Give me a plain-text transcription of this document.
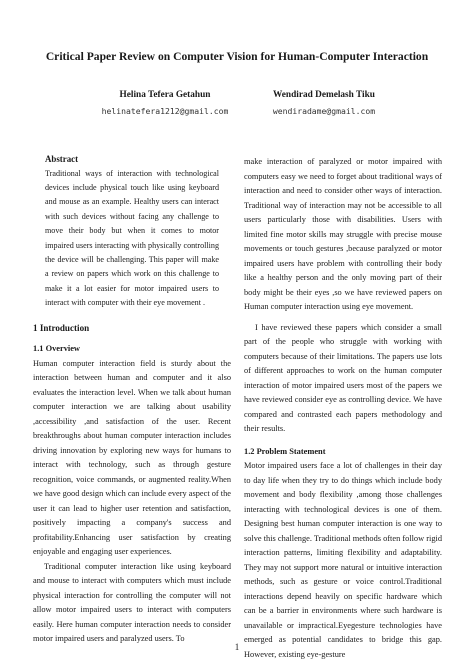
Critical Paper Review on Computer Vision for Human-Computer Interaction
Helina Tefera Getahun
helinatefera1212@gmail.com
Wendirad Demelash Tiku
wendiradame@gmail.com

Abstract

Traditional ways of interaction with technological devices include physical touch like using keyboard and mouse as an example. Healthy users can interact with such devices without facing any challenge to move their body but when it comes to motor impaired users interacting with physically controlling the device will be challenging. This paper will make a review on papers which work on this challenge to make it a lot easier for motor impaired users to interact with computer with their eye movement .

1 Introduction

1.1 Overview

Human computer interaction field is sturdy about the interaction between human and computer and it also evaluates the interaction level. When we talk about human computer interaction we are talking about usability ,accessibility ,and satisfaction of the user. Recent breakthroughs about human computer interaction includes driving innovation by exploring new ways for humans to interact with technology, such as through gesture recognition, voice commands, or augmented reality.When we have good design which can include every aspect of the user it can lead to higher user retention and satisfaction, positively impacting a company's success and profitability.Enhancing user satisfaction by creating enjoyable and engaging user experiences.

Traditional computer interaction like using keyboard and mouse to interact with computers which must include physical interaction for controlling the computer will not allow motor impaired users to interact with computers easily. Here human computer interaction needs to consider motor impaired users and paralyzed users. To

make interaction of paralyzed or motor impaired with computers easy we need to forget about traditional ways of interaction and need to consider other ways of interaction. Traditional way of interaction may not be accessible to all users particularly those with disabilities. Users with limited fine motor skills may struggle with precise mouse movements or touch gestures ,because paralyzed or motor impaired users have problem with controlling their body like a healthy person and the only moving part of their body might be their eyes ,so we have reviewed papers on Human computer interaction using eye movement.

I have reviewed these papers which consider a small part of the people who struggle with working with computers because of their limitations. The papers use lots of different approaches to work on the human computer interaction of motor impaired users most of the papers we have reviewed consider eye as controlling device. We have compared and contrasted each papers methodology and their results.

1.2 Problem Statement

Motor impaired users face a lot of challenges in their day to day life when they try to do things which include body movement and body flexibility ,among those challenges interacting with technological devices is one of them. Designing best human computer interaction is one way to solve this challenge. Traditional methods often follow rigid interaction patterns, limiting flexibility and adaptability. They may not support more natural or intuitive interaction methods, such as gesture or voice control.Traditional interactions depend heavily on specific hardware which can be a barrier in environments where such hardware is unavailable or impractical.Eyegesture technologies have emerged as potential candidates to bridge this gap. However, existing eye-gesture

1
